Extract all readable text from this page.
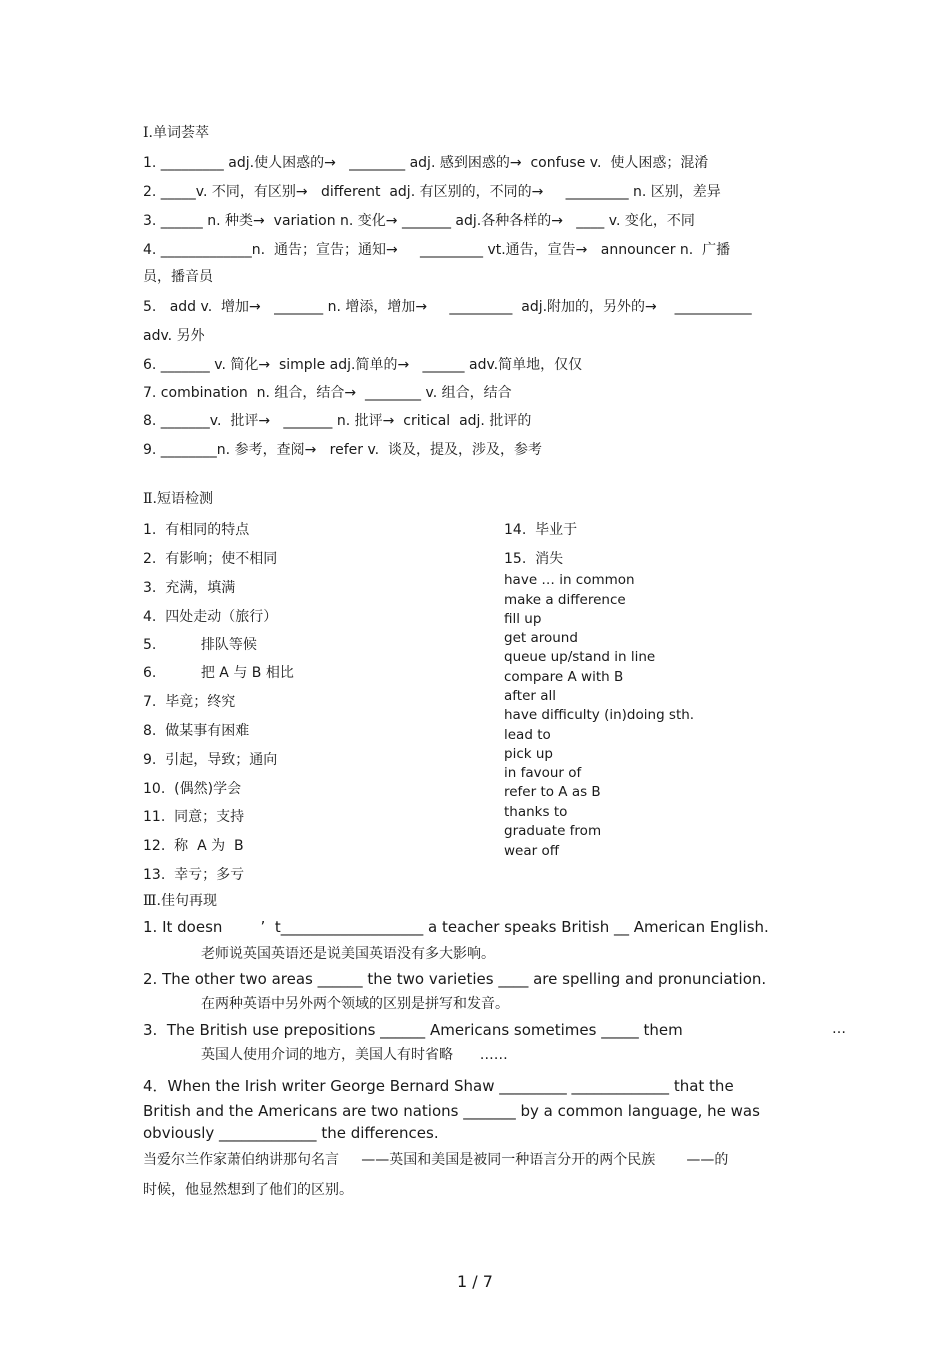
Ⅰ.单词荟萃
1. _________ adj.使人困惑的→   ________ adj. 感到困惑的→  confuse v.  使人困惑；混淆
2. _____v. 不同，有区别→   different  adj. 有区别的，不同的→     _________ n. 区别，差异
3. ______ n. 种类→  variation n. 变化→ _______ adj.各种各样的→   ____ v. 变化，不同
4. _____________n.  通告；宣告；通知→     _________ vt.通告，宣告→   announcer n.  广播
员，播音员
5.   add v.  增加→   _______ n. 增添，增加→     _________  adj.附加的，另外的→    ___________
adv. 另外
6. _______ v. 简化→  simple adj.简单的→   ______ adv.简单地，仅仅
7. combination  n. 组合，结合→  ________ v. 组合，结合
8. _______v.  批评→   _______ n. 批评→  critical  adj. 批评的
9. ________n. 参考，查阅→   refer v.  谈及，提及，涉及，参考
Ⅱ.短语检测
1.  有相同的特点
2.  有影响；使不相同
3.  充满，填满
4.  四处走动（旅行）
5.          排队等候
6.          把 A 与 B 相比
7.  毕竟；终究
8.  做某事有困难
9.  引起，导致；通向
10.  (偶然)学会
11.  同意；支持
12.  称  A 为  B
13.  幸亏；多亏
14.  毕业于
15.  消失
have … in common
make a difference
fill up
get around
queue up/stand in line
compare A with B
after all
have difficulty (in)doing sth.
lead to
pick up
in favour of
refer to A as B
thanks to
graduate from
wear off
Ⅲ.佳句再现
1. It doesn        ’  t___________________ a teacher speaks British __ American English.
老师说英国英语还是说美国英语没有多大影响。
2. The other two areas ______ the two varieties ____ are spelling and pronunciation.
在两种英语中另外两个领域的区别是拼写和发音。
3.  The British use prepositions ______ Americans sometimes _____ them	…
英国人使用介词的地方，美国人有时省略      ……
4．When the Irish writer George Bernard Shaw _________ _____________ that the
British and the Americans are two nations _______ by a common language, he was
obviously _____________ the differences.
当爱尔兰作家萧伯纳讲那句名言     ——英国和美国是被同一种语言分开的两个民族       ——的
时候，他显然想到了他们的区别。
1 / 7
